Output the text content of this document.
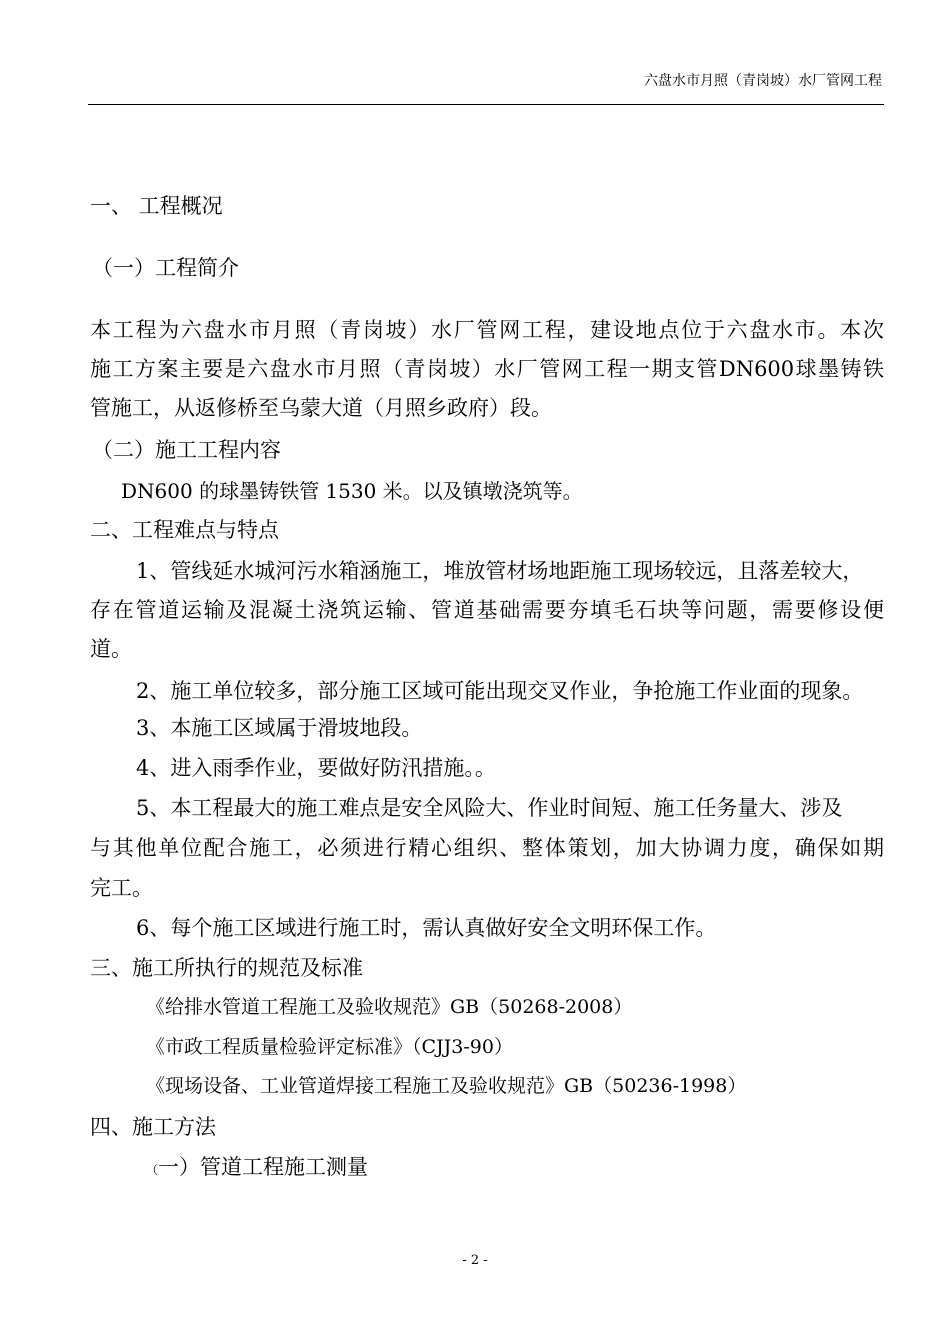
六盘水市月照（青岗坡）水厂管网工程
一、 工程概况
（一）工程简介
本工程为六盘水市月照（青岗坡）水厂管网工程，建设地点位于六盘水市。本次
施工方案主要是六盘水市月照（青岗坡）水厂管网工程一期支管DN600球墨铸铁
管施工，从返修桥至乌蒙大道（月照乡政府）段。
（二）施工工程内容
DN600 的球墨铸铁管 1530 米。以及镇墩浇筑等。
二、工程难点与特点
1、管线延水城河污水箱涵施工，堆放管材场地距施工现场较远，且落差较大，
存在管道运输及混凝土浇筑运输、管道基础需要夯填毛石块等问题，需要修设便
道。
2、施工单位较多，部分施工区域可能出现交叉作业，争抢施工作业面的现象。
3、本施工区域属于滑坡地段。
4、进入雨季作业，要做好防汛措施。。
5、本工程最大的施工难点是安全风险大、作业时间短、施工任务量大、涉及
与其他单位配合施工，必须进行精心组织、整体策划，加大协调力度，确保如期
完工。
6、每个施工区域进行施工时，需认真做好安全文明环保工作。
三、施工所执行的规范及标准
《给排水管道工程施工及验收规范》GB（50268-2008）
《市政工程质量检验评定标准》（CJJ3-90）
《现场设备、工业管道焊接工程施工及验收规范》GB（50236-1998）
四、施工方法
（一）管道工程施工测量
- 2 -
